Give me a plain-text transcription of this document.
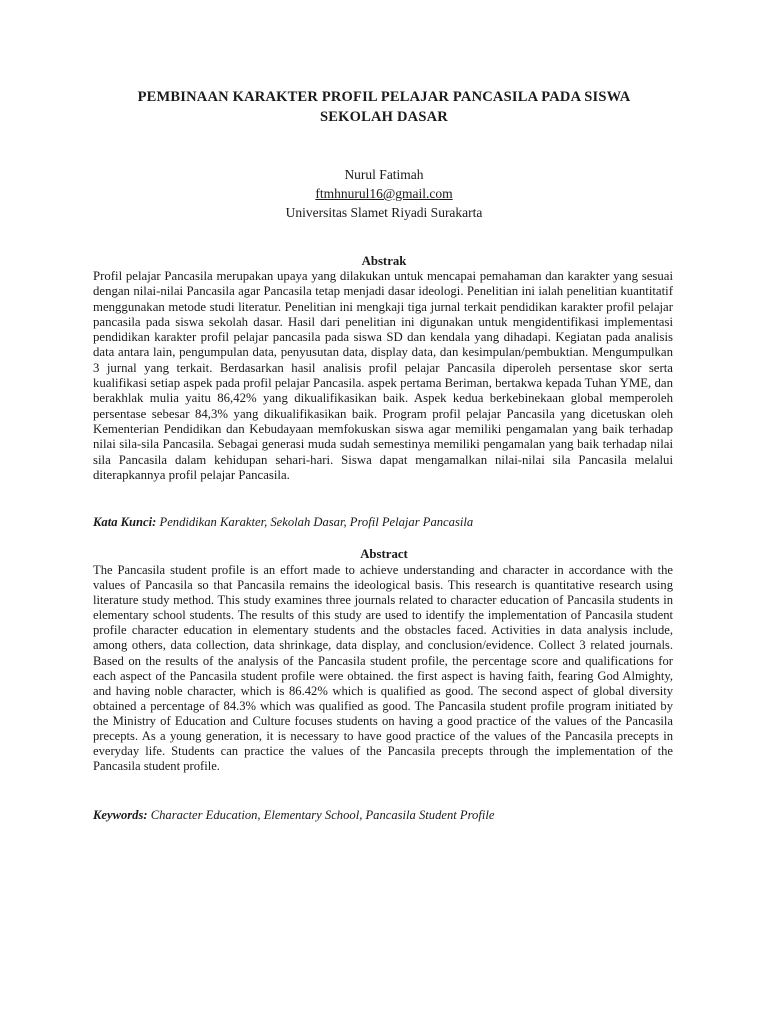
PEMBINAAN KARAKTER PROFIL PELAJAR PANCASILA PADA SISWA
SEKOLAH DASAR
Nurul Fatimah
ftmhnurul16@gmail.com
Universitas Slamet Riyadi Surakarta
Abstrak
Profil pelajar Pancasila merupakan upaya yang dilakukan untuk mencapai pemahaman dan karakter yang sesuai dengan nilai-nilai Pancasila agar Pancasila tetap menjadi dasar ideologi. Penelitian ini ialah penelitian kuantitatif menggunakan metode studi literatur. Penelitian ini mengkaji tiga jurnal terkait pendidikan karakter profil pelajar pancasila pada siswa sekolah dasar. Hasil dari penelitian ini digunakan untuk mengidentifikasi implementasi pendidikan karakter profil pelajar pancasila pada siswa SD dan kendala yang dihadapi. Kegiatan pada analisis data antara lain, pengumpulan data, penyusutan data, display data, dan kesimpulan/pembuktian. Mengumpulkan 3 jurnal yang terkait. Berdasarkan hasil analisis profil pelajar Pancasila diperoleh persentase skor serta kualifikasi setiap aspek pada profil pelajar Pancasila. aspek pertama Beriman, bertakwa kepada Tuhan YME, dan berakhlak mulia yaitu 86,42% yang dikualifikasikan baik. Aspek kedua berkebinekaan global memperoleh persentase sebesar 84,3% yang dikualifikasikan baik. Program profil pelajar Pancasila yang dicetuskan oleh Kementerian Pendidikan dan Kebudayaan memfokuskan siswa agar memiliki pengamalan yang baik terhadap nilai sila-sila Pancasila. Sebagai generasi muda sudah semestinya memiliki pengamalan yang baik terhadap nilai sila Pancasila dalam kehidupan sehari-hari. Siswa dapat mengamalkan nilai-nilai sila Pancasila melalui diterapkannya profil pelajar Pancasila.
Kata Kunci: Pendidikan Karakter, Sekolah Dasar, Profil Pelajar Pancasila
Abstract
The Pancasila student profile is an effort made to achieve understanding and character in accordance with the values of Pancasila so that Pancasila remains the ideological basis. This research is quantitative research using literature study method. This study examines three journals related to character education of Pancasila students in elementary school students. The results of this study are used to identify the implementation of Pancasila student profile character education in elementary students and the obstacles faced. Activities in data analysis include, among others, data collection, data shrinkage, data display, and conclusion/evidence. Collect 3 related journals. Based on the results of the analysis of the Pancasila student profile, the percentage score and qualifications for each aspect of the Pancasila student profile were obtained. the first aspect is having faith, fearing God Almighty, and having noble character, which is 86.42% which is qualified as good. The second aspect of global diversity obtained a percentage of 84.3% which was qualified as good. The Pancasila student profile program initiated by the Ministry of Education and Culture focuses students on having a good practice of the values of the Pancasila precepts. As a young generation, it is necessary to have good practice of the values of the Pancasila precepts in everyday life. Students can practice the values of the Pancasila precepts through the implementation of the Pancasila student profile.
Keywords: Character Education, Elementary School, Pancasila Student Profile
